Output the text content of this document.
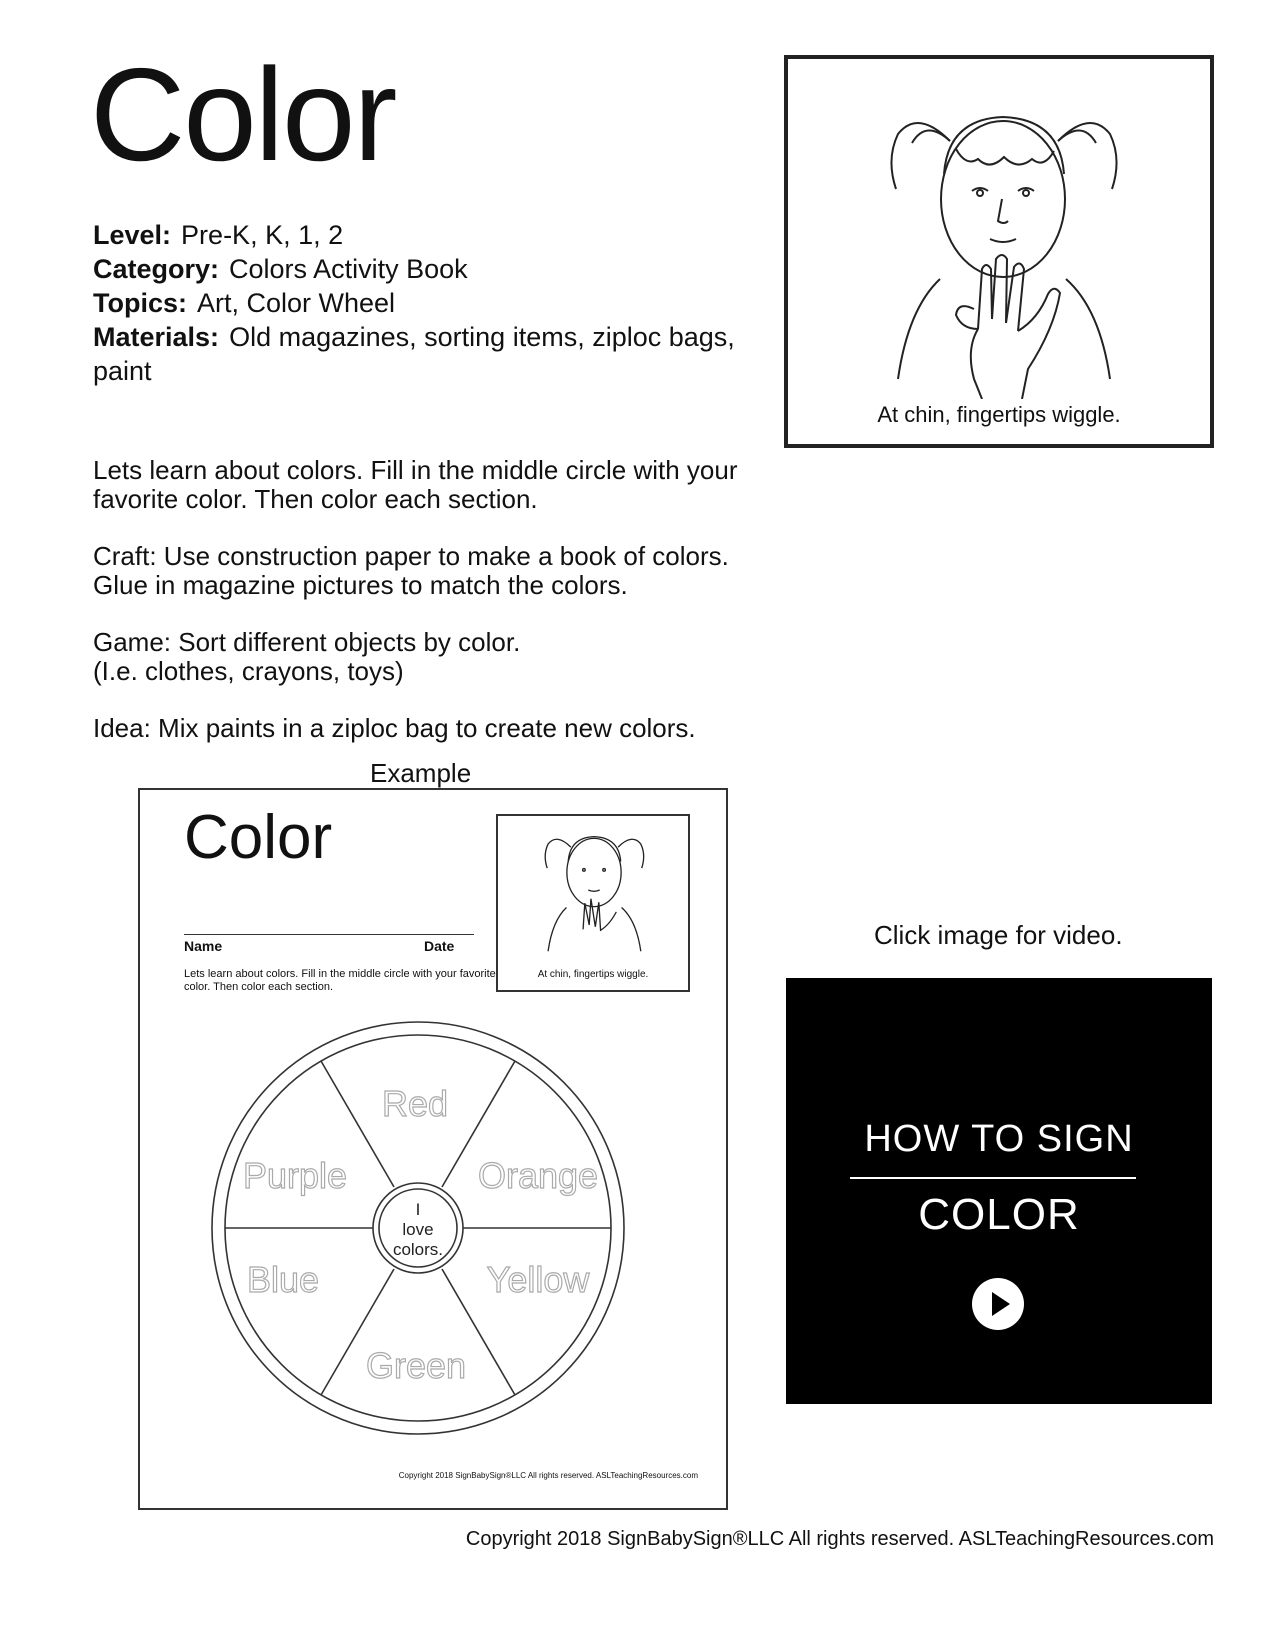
Color
Level: Pre-K, K, 1, 2
Category: Colors Activity Book
Topics: Art, Color Wheel
Materials: Old magazines, sorting items, ziploc bags, paint
At chin, fingertips wiggle.
Lets learn about colors. Fill in the middle circle with your favorite color. Then color each section.
Craft: Use construction paper to make a book of colors. Glue in magazine pictures to match the colors.
Game: Sort different objects by color.
(I.e. clothes, crayons, toys)
Idea: Mix paints in a ziploc bag to create new colors.
Example
Color
Name	Date
Lets learn about colors. Fill in the middle circle with your favorite color. Then color each section.
At chin, fingertips wiggle.
Red
Orange
Yellow
Green
Blue
Purple
I
love
colors.
Copyright 2018 SignBabySign®LLC All rights reserved. ASLTeachingResources.com
Click image for video.
HOW TO SIGN
COLOR
Copyright 2018 SignBabySign®LLC All rights reserved. ASLTeachingResources.com
